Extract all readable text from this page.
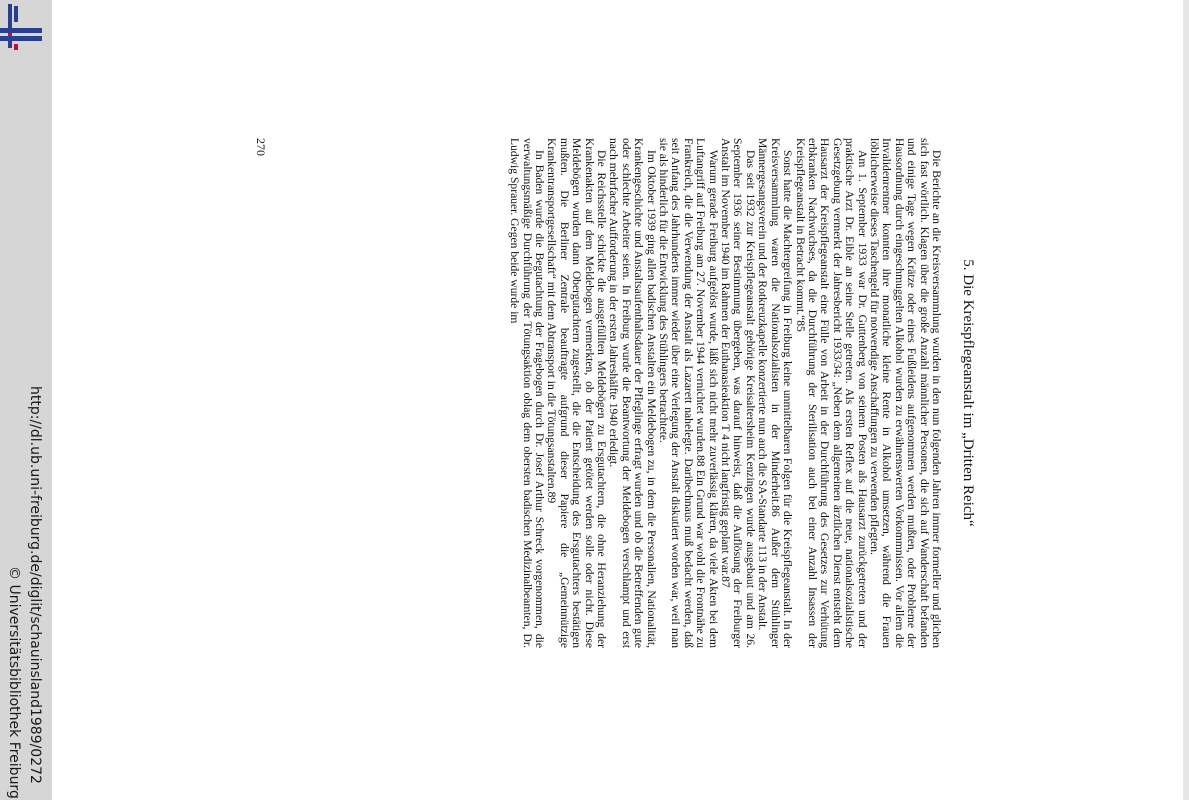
http://dl.ub.uni-freiburg.de/diglit/schauinsland1989/0272
© Universitätsbibliothek Freiburg
5. Die Kreispflegeanstalt im „Dritten Reich“

Die Berichte an die Kreisversammlung wurden in den nun folgenden Jahren immer formeller und glichen sich fast wörtlich. Klagen über die große Anzahl männlicher Personen, die sich auf Wanderschaft befanden und einige Tage wegen Krätze oder eines Fußleidens aufgenommen werden mußten, oder Probleme der Hausordnung durch eingeschmuggelten Alkohol wurden zu erwähnenswerten Vorkommnissen. Vor allem die Invalidenrentner konnten ihre monatliche kleine Rente in Alkohol umsetzen, während die Frauen löblicherweise dieses Taschengeld für notwendige Anschaffungen zu verwenden pflegten.

Am 1. September 1933 war Dr. Guttenberg von seinem Posten als Hausarzt zurückgetreten und der praktische Arzt Dr. Eible an seine Stelle getreten. Als ersten Reflex auf die neue, nationalsozialistische Gesetzgebung vermerkt der Jahresbericht 1933/34: „Neben dem allgemeinen ärztlichen Dienst entsteht dem Hausarzt der Kreispflegeanstalt eine Fülle von Arbeit in der Durchführung des Gesetzes zur Verhütung erbkranken Nachwuchses, da die Durchführung der Sterilisation auch bei einer Anzahl Insassen der Kreispflegeanstalt in Betracht kommt.“85

Sonst hatte die Machtergreifung in Freiburg keine unmittelbaren Folgen für die Kreispflegeanstalt. In der Kreisversammlung waren die Nationalsozialisten in der Minderheit.86 Außer dem Stühlinger Männergesangsverein und der Rotkreuzkapelle konzertierte nun auch die SA-Standarte 113 in der Anstalt.

Das seit 1932 zur Kreispflegeanstalt gehörige Kreisaltersheim Kenzingen wurde ausgebaut und am 26. September 1936 seiner Bestimmung übergeben, was darauf hinweist, daß die Auflösung der Freiburger Anstalt im November 1940 im Rahmen der Euthanasieaktion T 4 nicht langfristig geplant war.87

Warum gerade Freiburg aufgelöst wurde, läßt sich nicht mehr zuverlässig klären, da viele Akten bei dem Luftangriff auf Freiburg am 27. November 1944 vernichtet wurden.88 Ein Grund war wohl die Frontnähe zu Frankreich, die die Verwendung der Anstalt als Lazarett nahelegte. Daribechnaus muß bedacht werden, daß seit Anfang des Jahrhunderts immer wieder über eine Verlegung der Anstalt diskutiert worden war, weil man sie als hinderlich für die Entwicklung des Stühlingers betrachtete.

Im Oktober 1939 ging allen badischen Anstalten ein Meldebogen zu, in dem die Personalien, Nationalität, Krankengeschichte und Anstaltsaufenthaltsdauer der Pfleglinge erfragt wurden und ob die Betreffenden gute oder schlechte Arbeiter seien. In Freiburg wurde die Beantwortung der Meldebogen verschlampt und erst nach mehrfacher Aufforderung in der ersten Jahreshälfte 1940 erledigt.

Die Reichsstelle schickte die ausgefüllten Meldebögen zu Ersgutachtern, die ohne Heranziehung der Krankenakten auf dem Meldebogen vermerkten, ob der Patient getötet werden solle oder nicht. Diese Meldebögen wurden dann Obergutachtern zugestellt, die die Entscheidung des Ersgutachters bestätigen mußten. Die Berliner Zentrale beauftragte aufgrund dieser Papiere die „Gemeinnützige Krankentransportgesellschaft“ mit dem Abtransport in die Tötungsanstalten.89

In Baden wurde die Begutachtung der Fragebogen durch Dr. Josef Arthur Schreck vorgenommen, die verwaltungsmäßige Durchführung der Tötungsaktion oblag dem obersten badischen Medizinalbeamten, Dr. Ludwig Sprauer. Gegen beide wurde im

270
